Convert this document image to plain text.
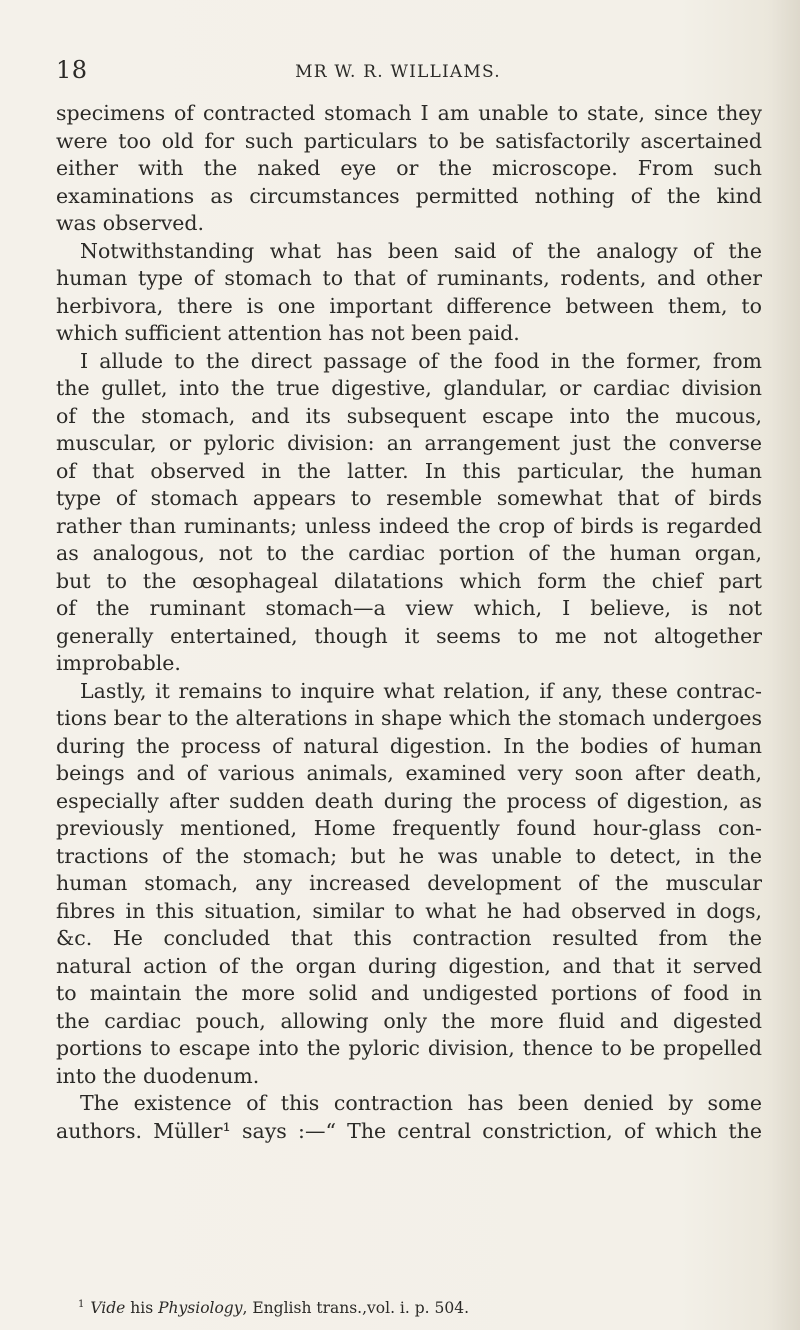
18	MR W. R. WILLIAMS.
specimens of contracted stomach I am unable to state, since they
were too old for such particulars to be satisfactorily ascertained
either with the naked eye or the microscope. From such
examinations as circumstances permitted nothing of the kind
was observed.
Notwithstanding what has been said of the analogy of the
human type of stomach to that of ruminants, rodents, and other
herbivora, there is one important difference between them, to
which sufficient attention has not been paid.
I allude to the direct passage of the food in the former, from
the gullet, into the true digestive, glandular, or cardiac division
of the stomach, and its subsequent escape into the mucous,
muscular, or pyloric division: an arrangement just the converse
of that observed in the latter. In this particular, the human
type of stomach appears to resemble somewhat that of birds
rather than ruminants; unless indeed the crop of birds is regarded
as analogous, not to the cardiac portion of the human organ,
but to the œsophageal dilatations which form the chief part
of the ruminant stomach—a view which, I believe, is not
generally entertained, though it seems to me not altogether
improbable.
Lastly, it remains to inquire what relation, if any, these contrac-
tions bear to the alterations in shape which the stomach undergoes
during the process of natural digestion. In the bodies of human
beings and of various animals, examined very soon after death,
especially after sudden death during the process of digestion, as
previously mentioned, Home frequently found hour-glass con-
tractions of the stomach; but he was unable to detect, in the
human stomach, any increased development of the muscular
fibres in this situation, similar to what he had observed in dogs,
&c. He concluded that this contraction resulted from the
natural action of the organ during digestion, and that it served
to maintain the more solid and undigested portions of food in
the cardiac pouch, allowing only the more fluid and digested
portions to escape into the pyloric division, thence to be propelled
into the duodenum.
The existence of this contraction has been denied by some
authors. Müller¹ says :—“ The central constriction, of which the
$^1$ Vide his Physiology, English trans.,vol. i. p. 504.
